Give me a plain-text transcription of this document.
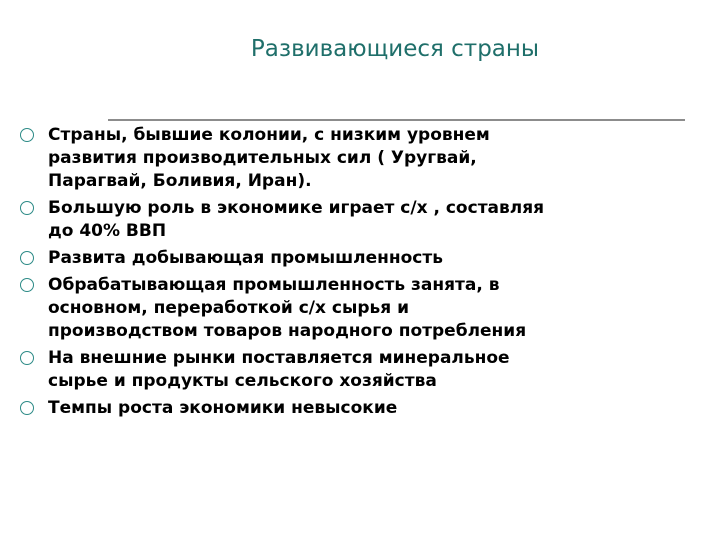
Развивающиеся страны
Страны, бывшие колонии, с низким уровнем
развития производительных сил ( Уругвай,
Парагвай, Боливия, Иран).
Большую роль в экономике играет с/х , составляя
до 40% ВВП
Развита добывающая промышленность
Обрабатывающая промышленность занята, в
основном, переработкой с/х сырья и
производством товаров народного потребления
На внешние рынки поставляется минеральное
сырье и продукты сельского хозяйства
Темпы роста экономики невысокие
